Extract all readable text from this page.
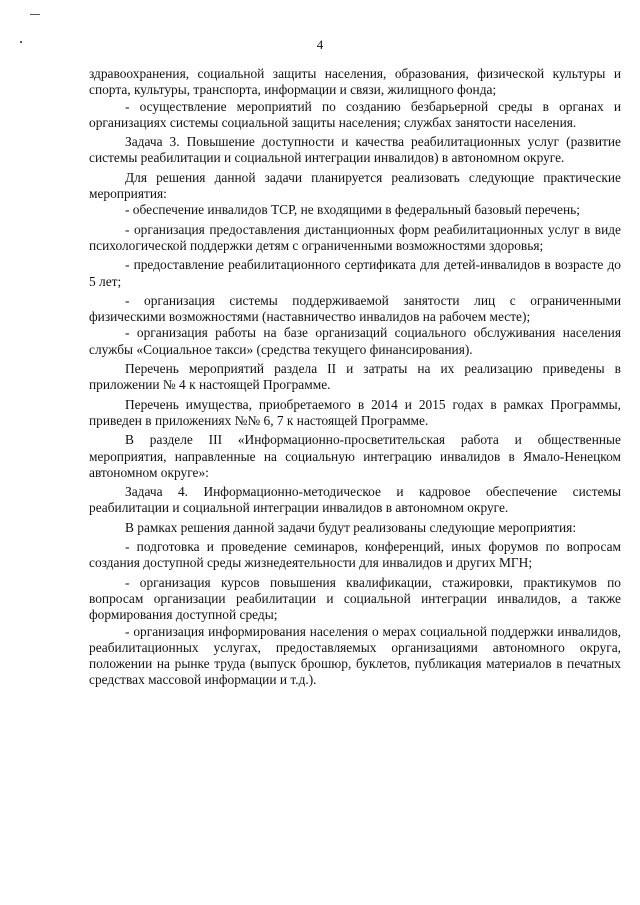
4

здравоохранения, социальной защиты населения, образования, физической культуры и спорта, культуры, транспорта, информации и связи, жилищного фонда;

- осуществление мероприятий по созданию безбарьерной среды в органах и организациях системы социальной защиты населения; службах занятости населения.

Задача 3. Повышение доступности и качества реабилитационных услуг (развитие системы реабилитации и социальной интеграции инвалидов) в автономном округе.

Для решения данной задачи планируется реализовать следующие практические мероприятия:

- обеспечение инвалидов ТСР, не входящими в федеральный базовый перечень;

- организация предоставления дистанционных форм реабилитационных услуг в виде психологической поддержки детям с ограниченными возможностями здоровья;

- предоставление реабилитационного сертификата для детей-инвалидов в возрасте до 5 лет;

- организация системы поддерживаемой занятости лиц с ограниченными физическими возможностями (наставничество инвалидов на рабочем месте);

- организация работы на базе организаций социального обслуживания населения службы «Социальное такси» (средства текущего финансирования).

Перечень мероприятий раздела II и затраты на их реализацию приведены в приложении № 4 к настоящей Программе.

Перечень имущества, приобретаемого в 2014 и 2015 годах в рамках Программы, приведен в приложениях №№ 6, 7 к настоящей Программе.

В разделе III «Информационно-просветительская работа и общественные мероприятия, направленные на социальную интеграцию инвалидов в Ямало-Ненецком автономном округе»:

Задача 4. Информационно-методическое и кадровое обеспечение системы реабилитации и социальной интеграции инвалидов в автономном округе.

В рамках решения данной задачи будут реализованы следующие мероприятия:

- подготовка и проведение семинаров, конференций, иных форумов по вопросам создания доступной среды жизнедеятельности для инвалидов и других МГН;

- организация курсов повышения квалификации, стажировки, практикумов по вопросам организации реабилитации и социальной интеграции инвалидов, а также формирования доступной среды;

- организация информирования населения о мерах социальной поддержки инвалидов, реабилитационных услугах, предоставляемых организациями автономного округа, положении на рынке труда (выпуск брошюр, буклетов, публикация материалов в печатных средствах массовой информации и т.д.).
